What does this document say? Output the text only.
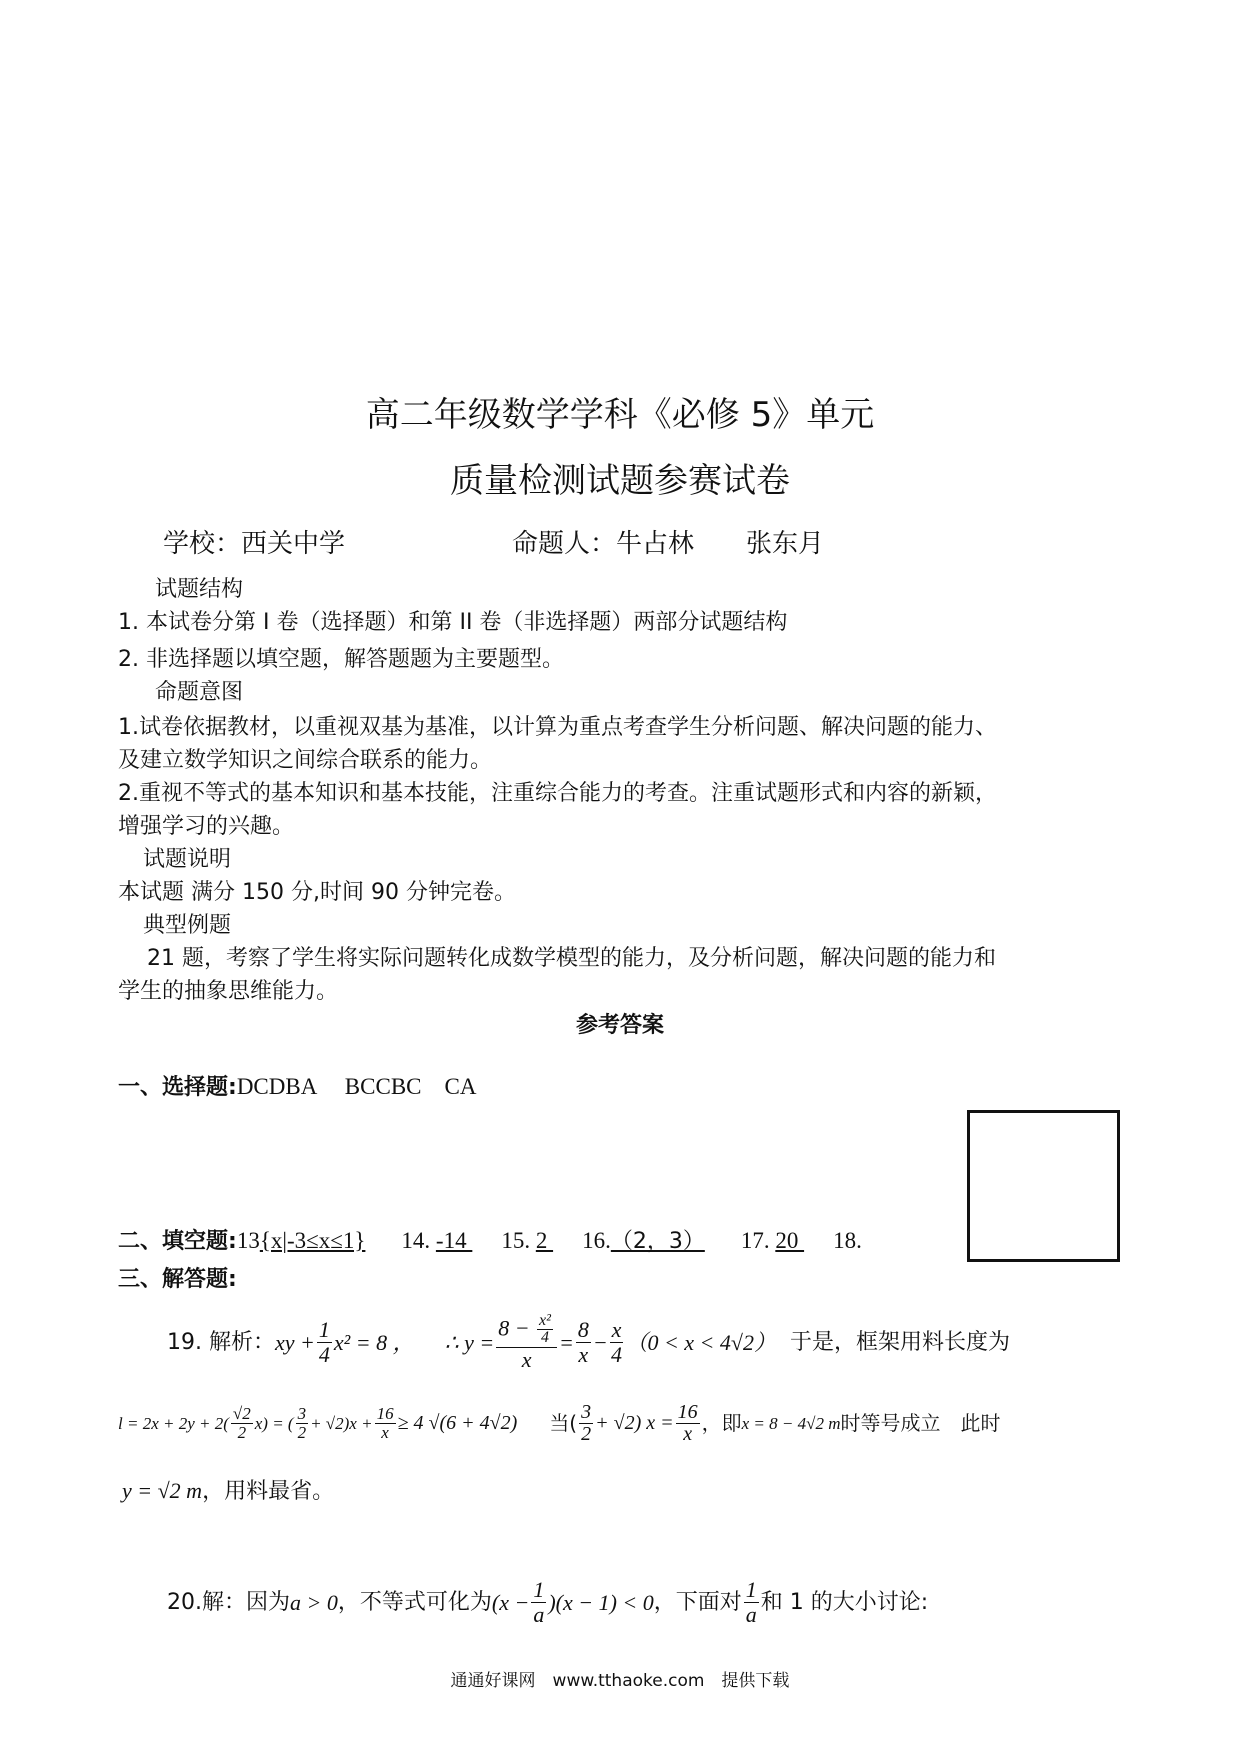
高二年级数学学科《必修 5》单元
质量检测试题参赛试卷
学校：西关中学	命题人：牛占林　　张东月
试题结构
1. 本试卷分第 I 卷（选择题）和第 II 卷（非选择题）两部分试题结构
2. 非选择题以填空题，解答题题为主要题型。
命题意图
1.试卷依据教材，以重视双基为基准，以计算为重点考查学生分析问题、解决问题的能力、
及建立数学知识之间综合联系的能力。
2.重视不等式的基本知识和基本技能，注重综合能力的考查。注重试题形式和内容的新颖，
增强学习的兴趣。
试题说明
本试题 满分 150 分,时间 90 分钟完卷。
典型例题
　 21 题，考察了学生将实际问题转化成数学模型的能力，及分析问题，解决问题的能力和
学生的抽象思维能力。
参考答案
一、选择题:DCDBA　 BCCBC　CA
二、填空题:13{x|-3≤x≤1} 14. -14  15. 2  16.（2，3） 17. 20  18.
三、解答题:
19. 解析： xy + $\frac{1}{4} x^2 = 8$ ， ∴ $y = \frac{8 - \frac{\text{x²}}{4}}{x} = \frac{8}{x} - \frac{x}{4} (0 < x < 4√2)$ 于是，框架用料长度为
$l = 2x + 2y + 2( \frac{√2}{2} x)$ = ( $\frac{3}{2} + √2)x + \frac{16}{x} \ge 4$ √(6 + 4√2) 当( $\frac{3}{2} + √2$) $x = \frac{16}{x}$ ，即 x = 8 − 4√2 m 时等号成立　此时
y = √2 m，用料最省。
20.解：因为 a > 0 ，不等式可化为 $(x - \frac{1}{a} )(x - 1) < 0$ ，下面对 $\frac{1}{a}$ 和 1 的大小讨论:
通通好课网　www.tthaoke.com　提供下载
